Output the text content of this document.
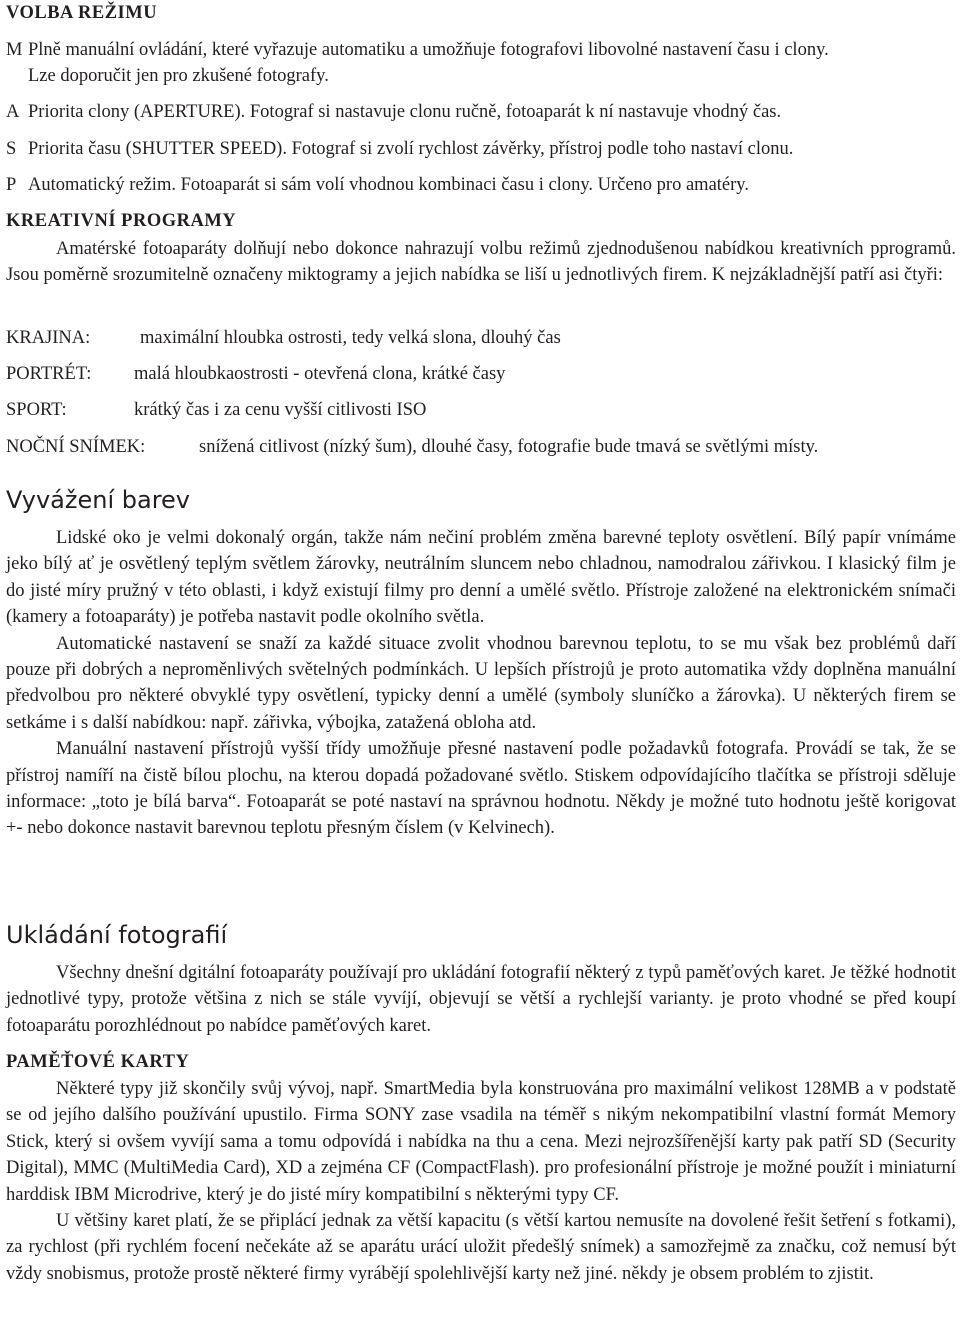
VOLBA REŽIMU
M Plně manuální ovládání, které vyřazuje automatiku a umožňuje fotografovi libovolné nastavení času i clony.
Lze doporučit jen pro zkušené fotografy.
A Priorita clony (APERTURE). Fotograf si nastavuje clonu ručně, fotoaparát k ní nastavuje vhodný čas.
S Priorita času (SHUTTER SPEED). Fotograf si zvolí rychlost závěrky, přístroj podle toho nastaví clonu.
P Automatický režim. Fotoaparát si sám volí vhodnou kombinaci času i clony. Určeno pro amatéry.
KREATIVNÍ PROGRAMY

Amatérské fotoaparáty dolňují nebo dokonce nahrazují volbu režimů zjednodušenou nabídkou kreativních pprogramů. Jsou poměrně srozumitelně označeny miktogramy a jejich nabídka se liší u jednotlivých firem. K nejzákladnější patří asi čtyři:

KRAJINA:	maximální hloubka ostrosti, tedy velká slona, dlouhý čas
PORTRÉT: malá hloubkaostrosti - otevřená clona, krátké časy
SPORT:	krátký čas i za cenu vyšší citlivosti ISO
NOČNÍ SNÍMEK:	snížená citlivost (nízký šum), dlouhé časy, fotografie bude tmavá se světlými místy.
Vyvážení barev

Lidské oko je velmi dokonalý orgán, takže nám nečiní problém změna barevné teploty osvětlení. Bílý papír vnímáme jeko bílý ať je osvětlený teplým světlem žárovky, neutrálním sluncem nebo chladnou, namodralou zářivkou. I klasický film je do jisté míry pružný v této oblasti, i když existují filmy pro denní a umělé světlo. Přístroje založené na elektronickém snímači (kamery a fotoaparáty) je potřeba nastavit podle okolního světla.

Automatické nastavení se snaží za každé situace zvolit vhodnou barevnou teplotu, to se mu však bez problémů daří pouze při dobrých a neproměnlivých světelných podmínkách. U lepších přístrojů je proto automatika vždy doplněna manuální předvolbou pro některé obvyklé typy osvětlení, typicky denní a umělé (symboly sluníčko a žárovka). U některých firem se setkáme i s další nabídkou: např. zářivka, výbojka, zatažená obloha atd.

Manuální nastavení přístrojů vyšší třídy umožňuje přesné nastavení podle požadavků fotografa. Provádí se tak, že se přístroj namíří na čistě bílou plochu, na kterou dopadá požadované světlo. Stiskem odpovídajícího tlačítka se přístroji sděluje informace: „toto je bílá barva“. Fotoaparát se poté nastaví na správnou hodnotu. Někdy je možné tuto hodnotu ještě korigovat +- nebo dokonce nastavit barevnou teplotu přesným číslem (v Kelvinech).

Ukládání fotografií

Všechny dnešní dgitální fotoaparáty používají pro ukládání fotografií některý z typů paměťových karet. Je těžké hodnotit jednotlivé typy, protože většina z nich se stále vyvíjí, objevují se větší a rychlejší varianty. je proto vhodné se před koupí fotoaparátu porozhlédnout po nabídce paměťových karet.

PAMĚŤOVÉ KARTY

Některé typy již skončily svůj vývoj, např. SmartMedia byla konstruována pro maximální velikost 128MB a v podstatě se od jejího dalšího používání upustilo. Firma SONY zase vsadila na téměř s nikým nekompatibilní vlastní formát Memory Stick, který si ovšem vyvíjí sama a tomu odpovídá i nabídka na thu a cena. Mezi nejrozšířenější karty pak patří SD (Security Digital), MMC (MultiMedia Card), XD a zejména CF (CompactFlash). pro profesionální přístroje je možné použít i miniaturní harddisk IBM Microdrive, který je do jisté míry kompatibilní s některými typy CF.

U většiny karet platí, že se připlácí jednak za větší kapacitu (s větší kartou nemusíte na dovolené řešit šetření s fotkami), za rychlost (při rychlém focení nečekáte až se aparátu urácí uložit předešlý snímek) a samozřejmě za značku, což nemusí být vždy snobismus, protože prostě některé firmy vyrábějí spolehlivější karty než jiné. někdy je obsem problém to zjistit.
